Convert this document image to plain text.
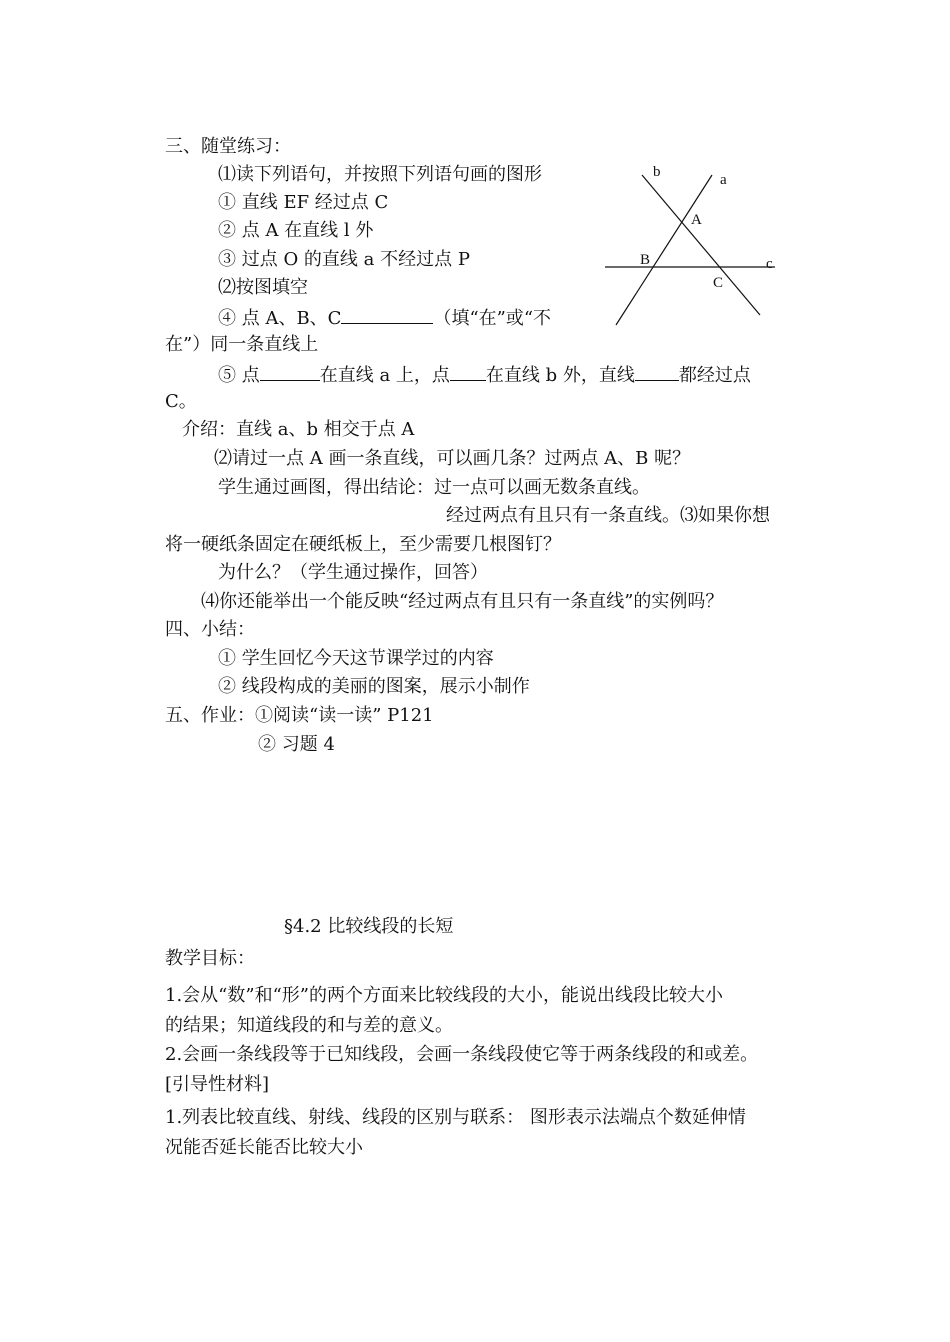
三、随堂练习：
⑴读下列语句，并按照下列语句画的图形
① 直线 EF 经过点 C
② 点 A 在直线 l 外
③ 过点 O 的直线 a 不经过点 P
⑵按图填空
④ 点 A、B、C	（填“在”或“不
在”）同一条直线上
⑤ 点	在直线 a 上，点 在直线 b 外，直线 都经过点
C。
b	a
A
B
C
c
介绍：直线 a、b 相交于点 A
⑵请过一点 A 画一条直线，可以画几条？过两点 A、B 呢？
学生通过画图，得出结论：过一点可以画无数条直线。
经过两点有且只有一条直线。⑶如果你想
将一硬纸条固定在硬纸板上，至少需要几根图钉？
为什么？（学生通过操作，回答）
⑷你还能举出一个能反映“经过两点有且只有一条直线”的实例吗？
四、小结：
① 学生回忆今天这节课学过的内容
② 线段构成的美丽的图案，展示小制作
五、作业：①阅读“读一读” P121
② 习题 4
§4.2 比较线段的长短
教学目标：
1.会从“数”和“形”的两个方面来比较线段的大小，能说出线段比较大小
的结果；知道线段的和与差的意义。
2.会画一条线段等于已知线段，会画一条线段使它等于两条线段的和或差。
[引导性材料]
1.列表比较直线、射线、线段的区别与联系： 图形表示法端点个数延伸情
况能否延长能否比较大小
